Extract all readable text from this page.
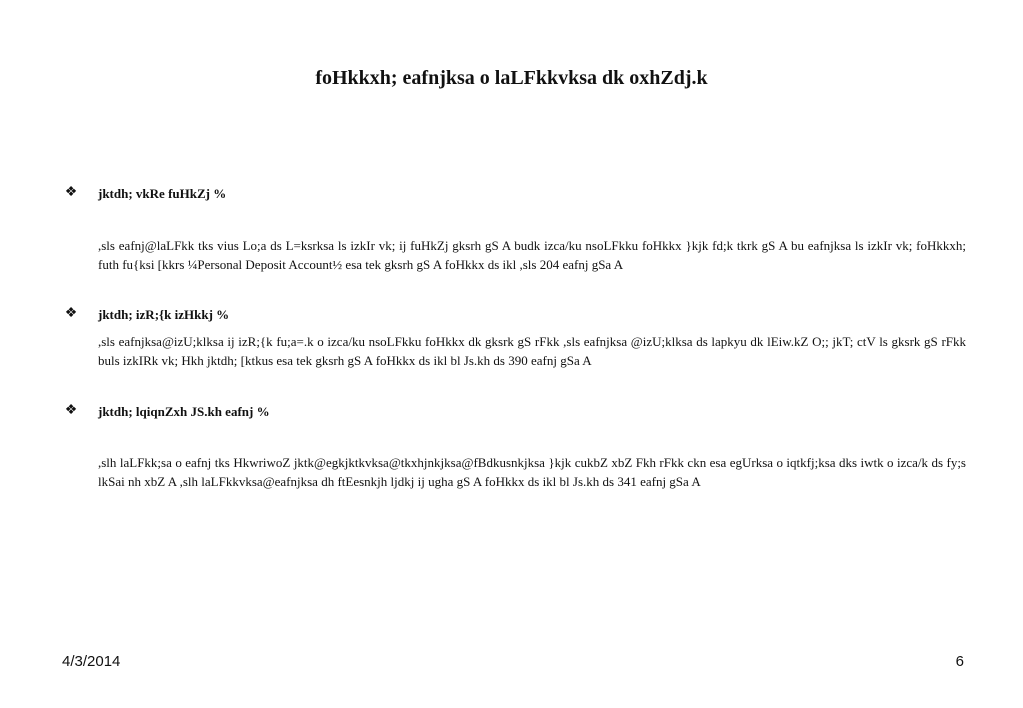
foHkkxh; eafnjksa o laLFkkvksa dk oxhZdj.k
❖ jktdh; vkRe fuHkZj %
,sls eafnj@laLFkk tks vius Lo;a ds L=ksrksa ls izkIr vk; ij fuHkZj gksrh gS A budk izca/ku nsoLFkku foHkkx }kjk fd;k tkrk gS A bu eafnjksa ls izkIr vk; foHkkxh; futh fu{ksi [kkrs ¼Personal Deposit Account½ esa tek gksrh gS A foHkkx ds ikl ,sls 204 eafnj gSa A
❖ jktdh; izR;{k izHkkj %
,sls eafnjksa@izU;klksa ij izR;{k fu;a=.k o izca/ku nsoLFkku foHkkx dk gksrk gS rFkk ,sls eafnjksa @izU;klksa ds lapkyu dk lEiw.kZ O;; jkT; ctV ls gksrk gS rFkk buls izkIRk vk; Hkh jktdh; [ktkus esa tek gksrh gS A foHkkx ds ikl bl Js.kh ds 390 eafnj gSa A
❖ jktdh; lqiqnZxh JS.kh eafnj %
,slh laLFkk;sa o eafnj tks HkwriwoZ jktk@egkjktkvksa@tkxhjnkjksa@fBdkusnkjksa }kjk cukbZ xbZ Fkh rFkk ckn esa egUrksa o iqtkfj;ksa dks iwtk o izca/k ds fy;s lkSai nh xbZ A ,slh laLFkkvksa@eafnjksa dh ftEesnkjh ljdkj ij ugha gS A foHkkx ds ikl bl Js.kh ds 341 eafnj gSa A
4/3/2014	6
